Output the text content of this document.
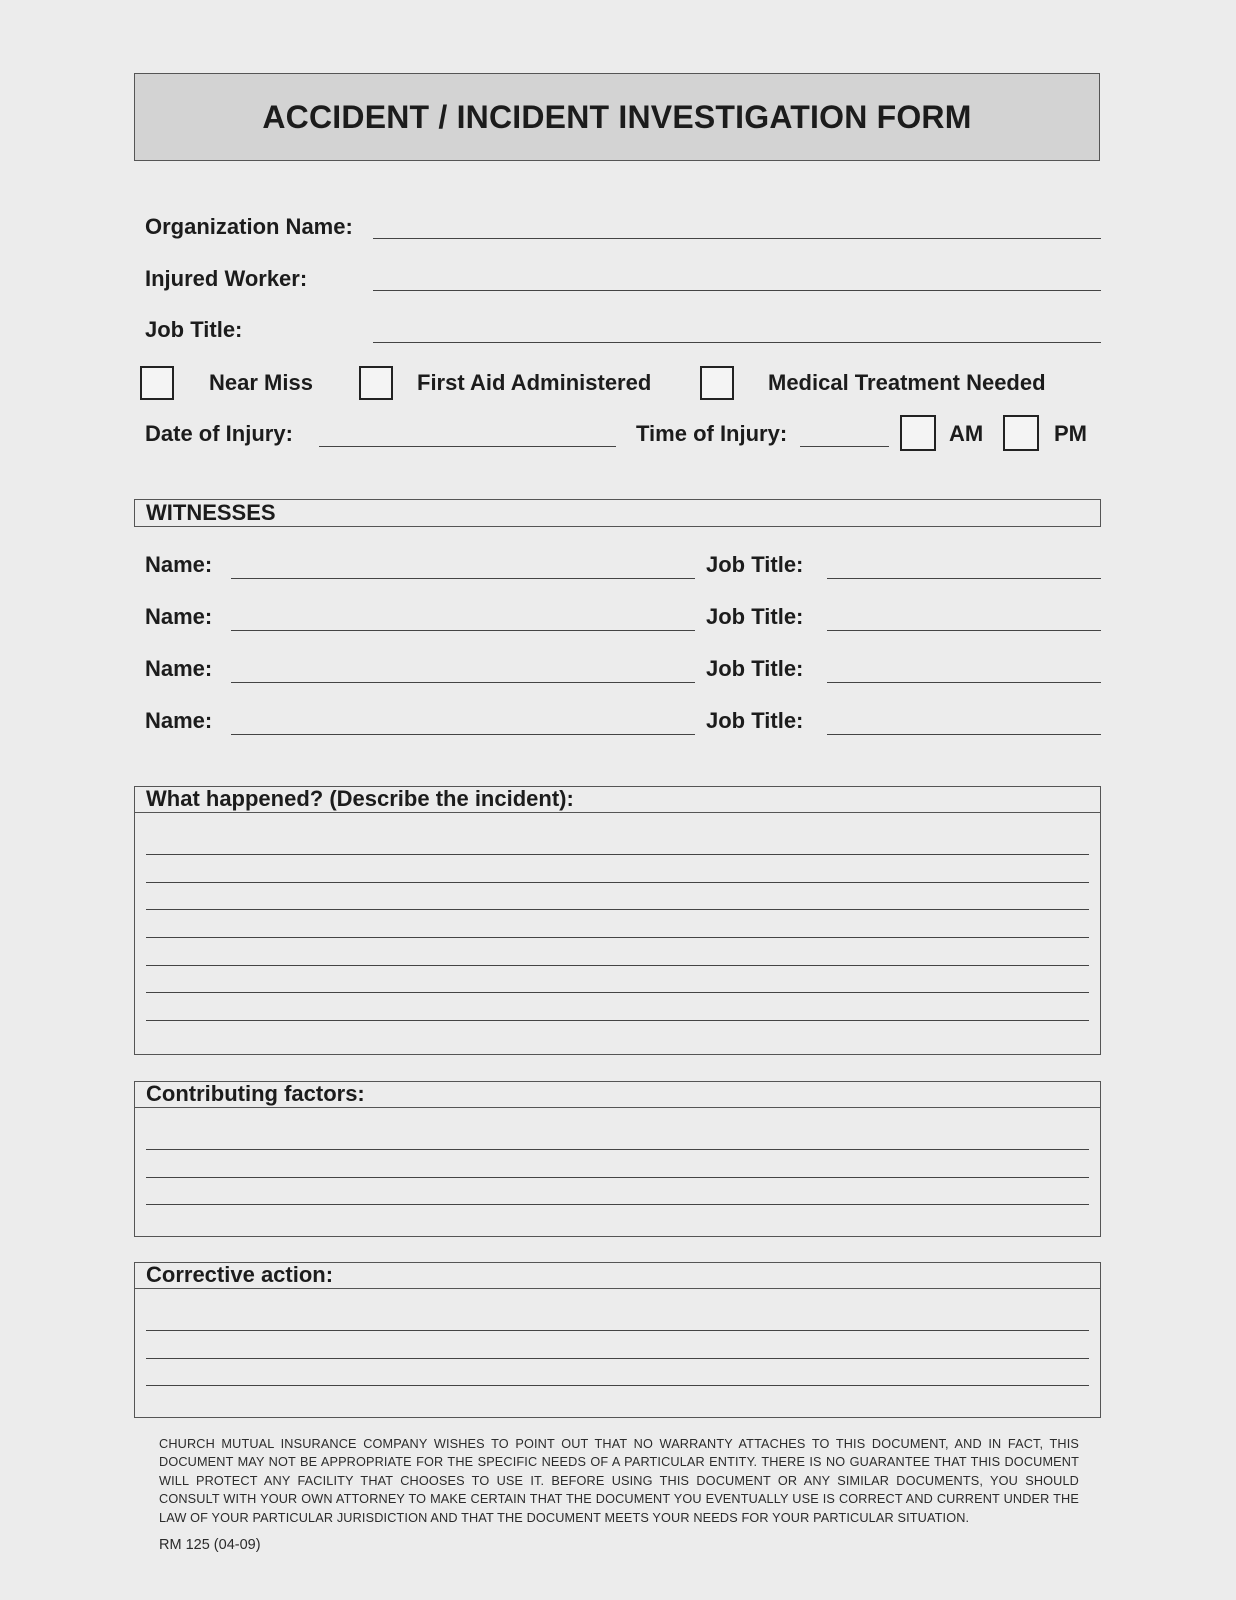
ACCIDENT / INCIDENT INVESTIGATION FORM
Organization Name:
Injured Worker:
Job Title:
Near Miss	First Aid Administered	Medical Treatment Needed
Date of Injury:	Time of Injury:	AM	PM
WITNESSES
Name:	Job Title:
Name:	Job Title:
Name:	Job Title:
Name:	Job Title:
What happened? (Describe the incident):
Contributing factors:
Corrective action:
CHURCH MUTUAL INSURANCE COMPANY WISHES TO POINT OUT THAT NO WARRANTY ATTACHES TO THIS DOCUMENT, AND IN FACT, THIS DOCUMENT MAY NOT BE APPROPRIATE FOR THE SPECIFIC NEEDS OF A PARTICULAR ENTITY. THERE IS NO GUARANTEE THAT THIS DOCUMENT WILL PROTECT ANY FACILITY THAT CHOOSES TO USE IT. BEFORE USING THIS DOCUMENT OR ANY SIMILAR DOCUMENTS, YOU SHOULD CONSULT WITH YOUR OWN ATTORNEY TO MAKE CERTAIN THAT THE DOCUMENT YOU EVENTUALLY USE IS CORRECT AND CURRENT UNDER THE LAW OF YOUR PARTICULAR JURISDICTION AND THAT THE DOCUMENT MEETS YOUR NEEDS FOR YOUR PARTICULAR SITUATION.
RM 125 (04-09)
